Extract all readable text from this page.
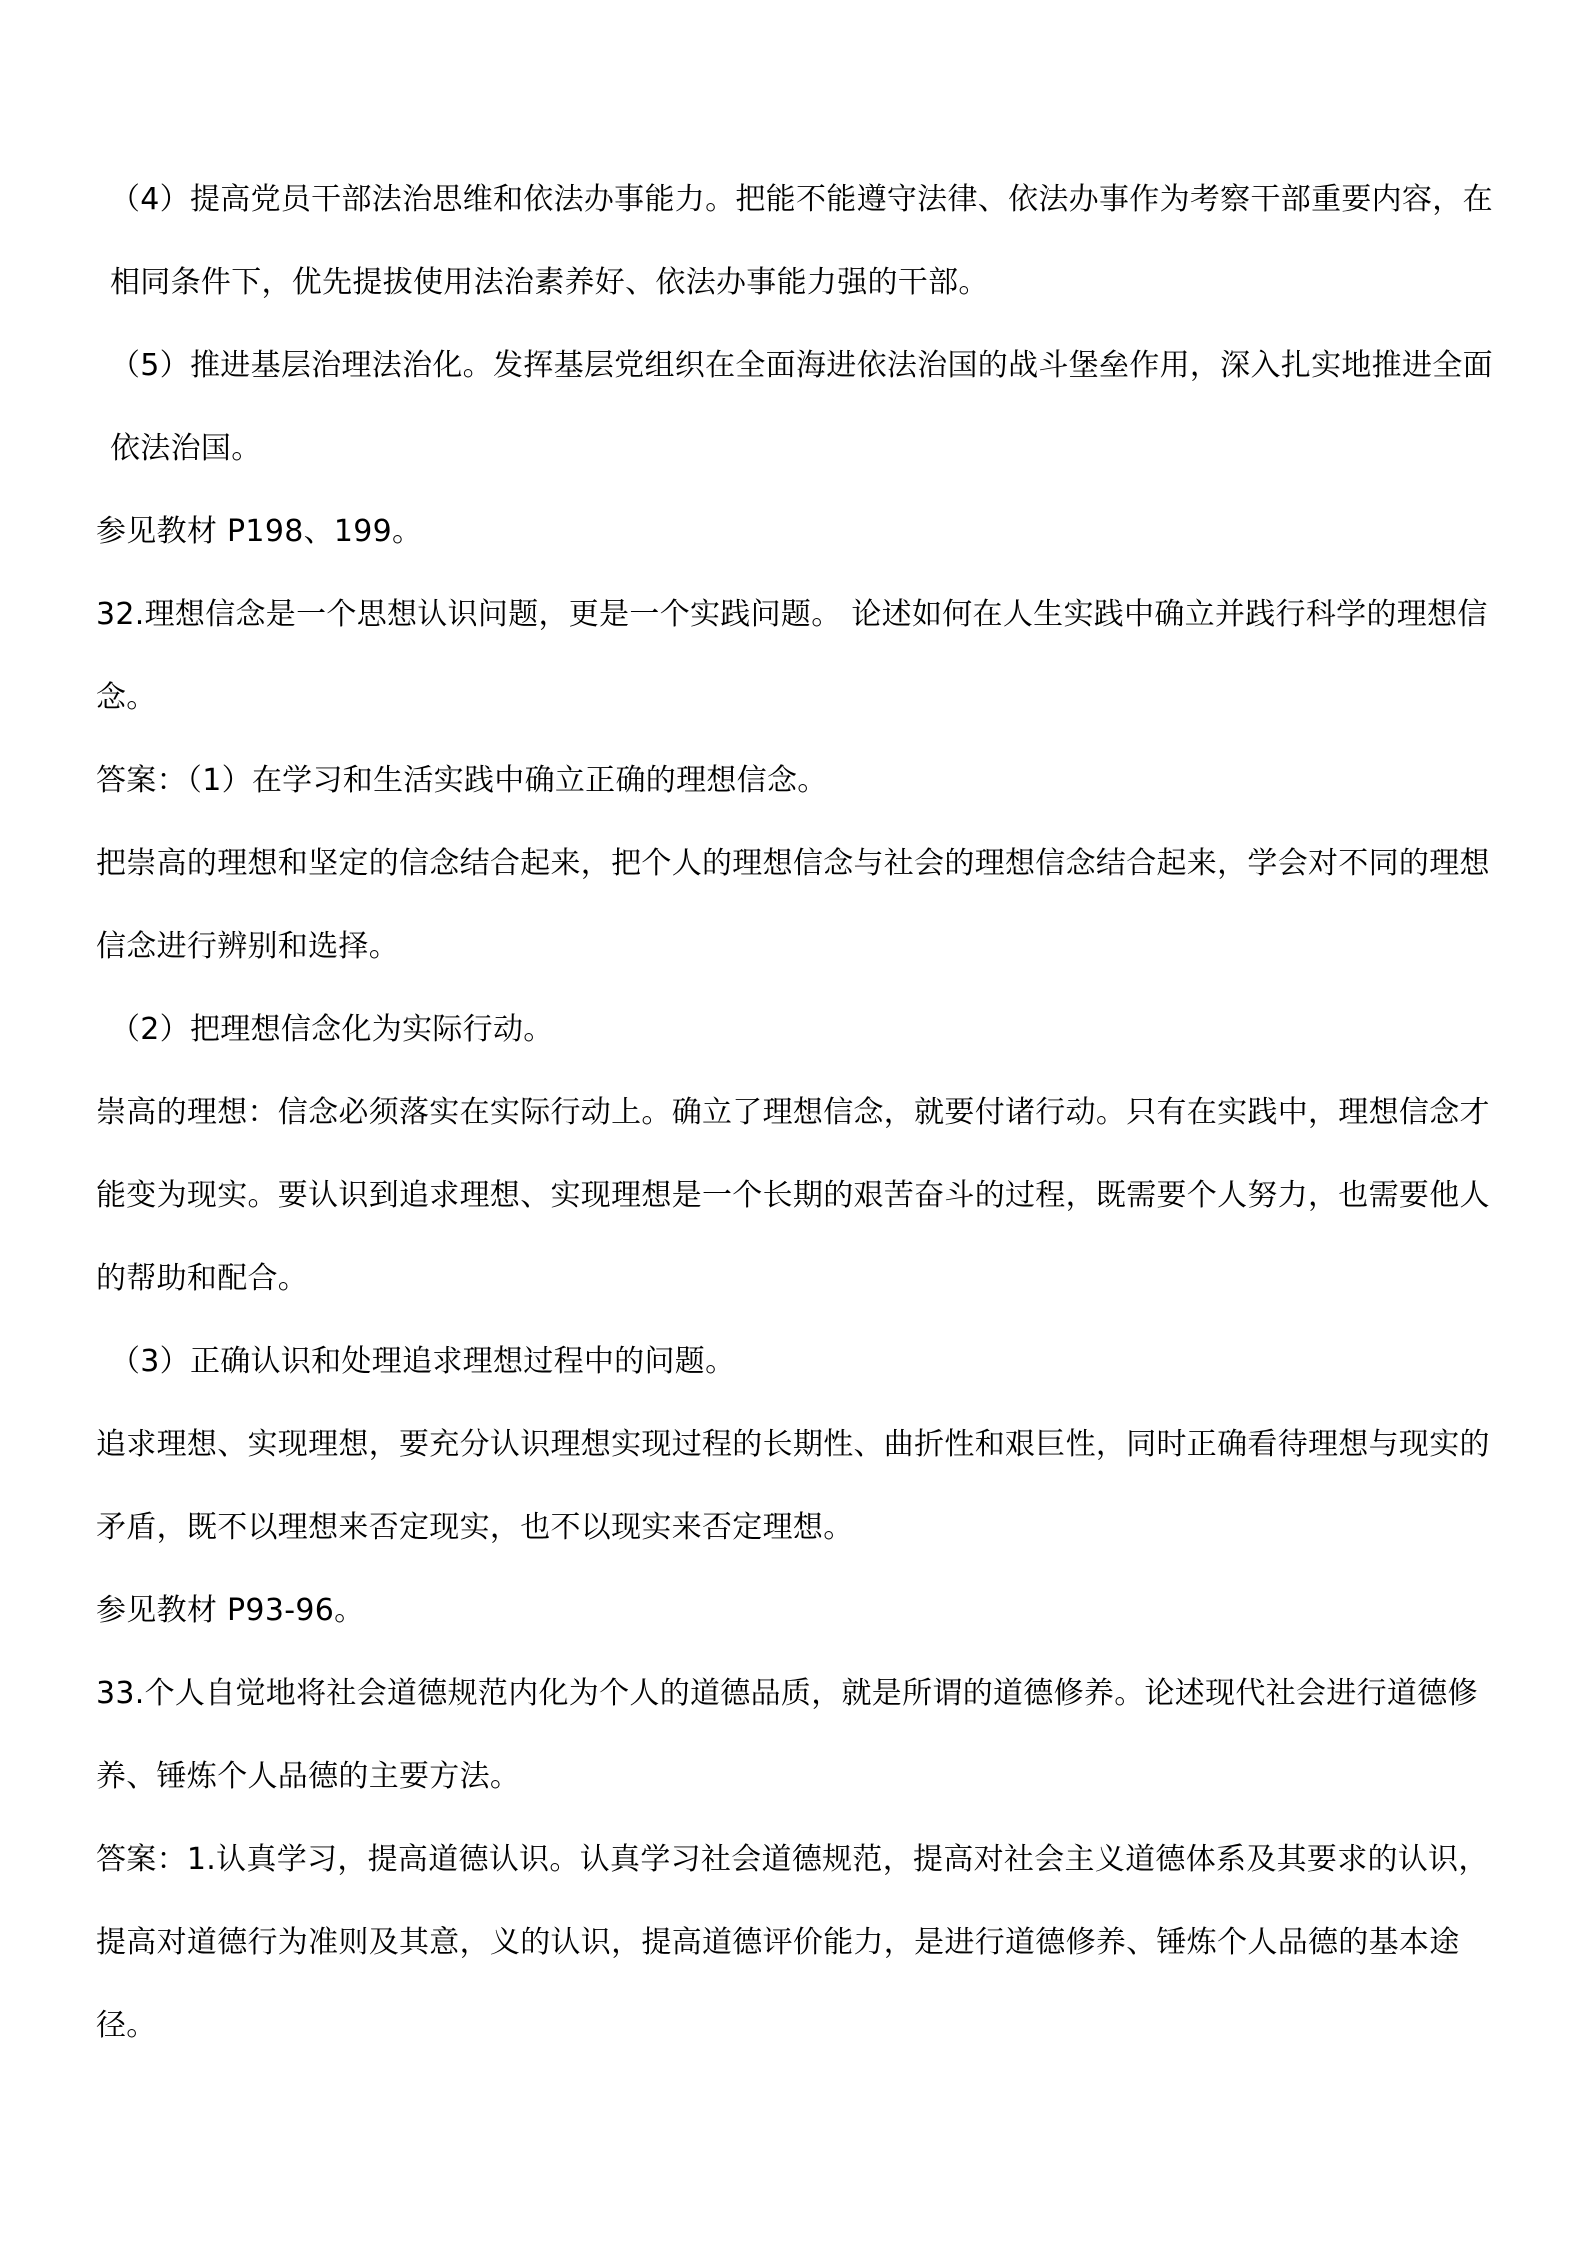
（4）提高党员干部法治思维和依法办事能力。把能不能遵守法律、依法办事作为考察干部重要内容，在相同条件下，优先提拔使用法治素养好、依法办事能力强的干部。

（5）推进基层治理法治化。发挥基层党组织在全面海进依法治国的战斗堡垒作用，深入扎实地推进全面依法治国。

参见教材 P198、199。

32.理想信念是一个思想认识问题，更是一个实践问题。 论述如何在人生实践中确立并践行科学的理想信念。

答案：（1）在学习和生活实践中确立正确的理想信念。

把崇高的理想和坚定的信念结合起来，把个人的理想信念与社会的理想信念结合起来，学会对不同的理想信念进行辨别和选择。

（2）把理想信念化为实际行动。

崇高的理想：信念必须落实在实际行动上。确立了理想信念，就要付诸行动。只有在实践中，理想信念才能变为现实。要认识到追求理想、实现理想是一个长期的艰苦奋斗的过程，既需要个人努力，也需要他人的帮助和配合。

（3）正确认识和处理追求理想过程中的问题。

追求理想、实现理想，要充分认识理想实现过程的长期性、曲折性和艰巨性，同时正确看待理想与现实的矛盾，既不以理想来否定现实，也不以现实来否定理想。

参见教材 P93-96。

33.个人自觉地将社会道德规范内化为个人的道德品质，就是所谓的道德修养。论述现代社会进行道德修养、锤炼个人品德的主要方法。

答案：1.认真学习，提高道德认识。认真学习社会道德规范，提高对社会主义道德体系及其要求的认识，提高对道德行为准则及其意，义的认识，提高道德评价能力，是进行道德修养、锤炼个人品德的基本途径。
